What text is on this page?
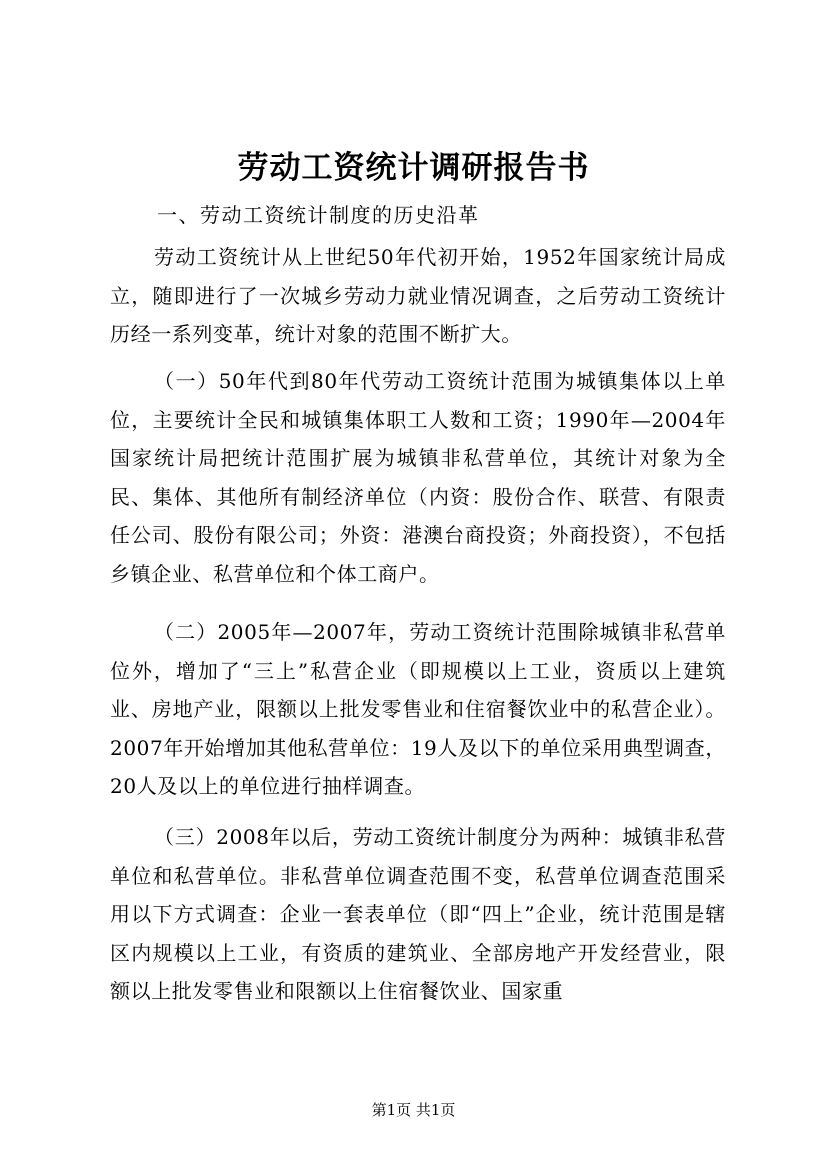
劳动工资统计调研报告书
一、劳动工资统计制度的历史沿革

劳动工资统计从上世纪50年代初开始，1952年国家统计局成立，随即进行了一次城乡劳动力就业情况调查，之后劳动工资统计历经一系列变革，统计对象的范围不断扩大。

（一）50年代到80年代劳动工资统计范围为城镇集体以上单位，主要统计全民和城镇集体职工人数和工资；1990年—2004年国家统计局把统计范围扩展为城镇非私营单位，其统计对象为全民、集体、其他所有制经济单位（内资：股份合作、联营、有限责任公司、股份有限公司；外资：港澳台商投资；外商投资），不包括乡镇企业、私营单位和个体工商户。

（二）2005年—2007年，劳动工资统计范围除城镇非私营单位外，增加了“三上”私营企业（即规模以上工业，资质以上建筑业、房地产业，限额以上批发零售业和住宿餐饮业中的私营企业）。2007年开始增加其他私营单位：19人及以下的单位采用典型调查，20人及以上的单位进行抽样调查。

（三）2008年以后，劳动工资统计制度分为两种：城镇非私营单位和私营单位。非私营单位调查范围不变，私营单位调查范围采用以下方式调查：企业一套表单位（即“四上”企业，统计范围是辖区内规模以上工业，有资质的建筑业、全部房地产开发经营业，限额以上批发零售业和限额以上住宿餐饮业、国家重

第1页 共1页
